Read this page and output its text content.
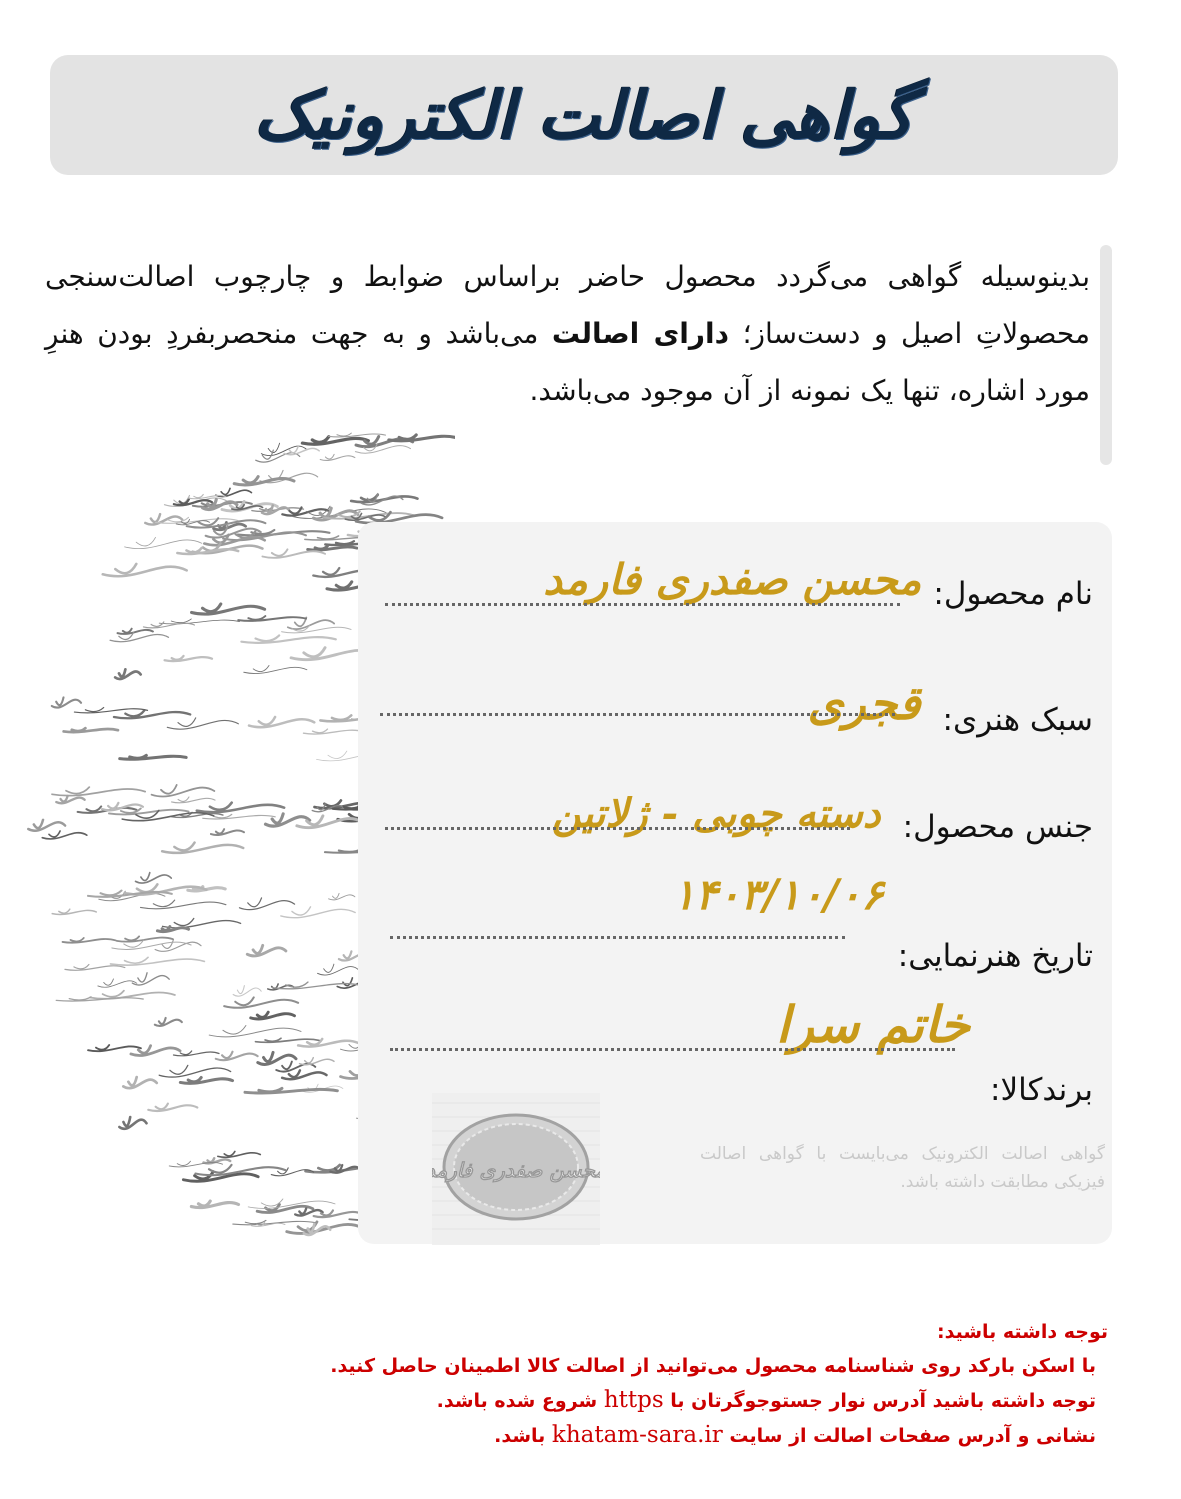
گواهی اصالت الکترونیک
بدینوسیله گواهی می‌گردد محصول حاضر براساس ضوابط و چارچوب اصالت‌سنجی محصولاتِ اصیل و دست‌ساز؛ دارای اصالت می‌باشد و به جهت منحصربفردِ بودن هنرِ مورد اشاره، تنها یک نمونه از آن موجود می‌باشد.
نام محصول:
محسن صفدری فارمد
سبک هنری:
قجری
جنس محصول:
دسته چوبی - ژلاتین
تاریخ هنرنمایی:
۱۴۰۳/۱۰/۰۶
برندکالا:
خاتم سرا
محسن صفدری فارمد
گواهی اصالت الکترونیک می‌بایست با گواهی اصالت فیزیکی مطابقت داشته باشد.
توجه داشته باشید:
با اسکن بارکد روی شناسنامه محصول می‌توانید از اصالت کالا اطمینان حاصل کنید.
توجه داشته باشید آدرس نوار جستوجوگرتان با https شروع شده باشد.
نشانی و آدرس صفحات اصالت از سایت khatam-sara.ir باشد.
